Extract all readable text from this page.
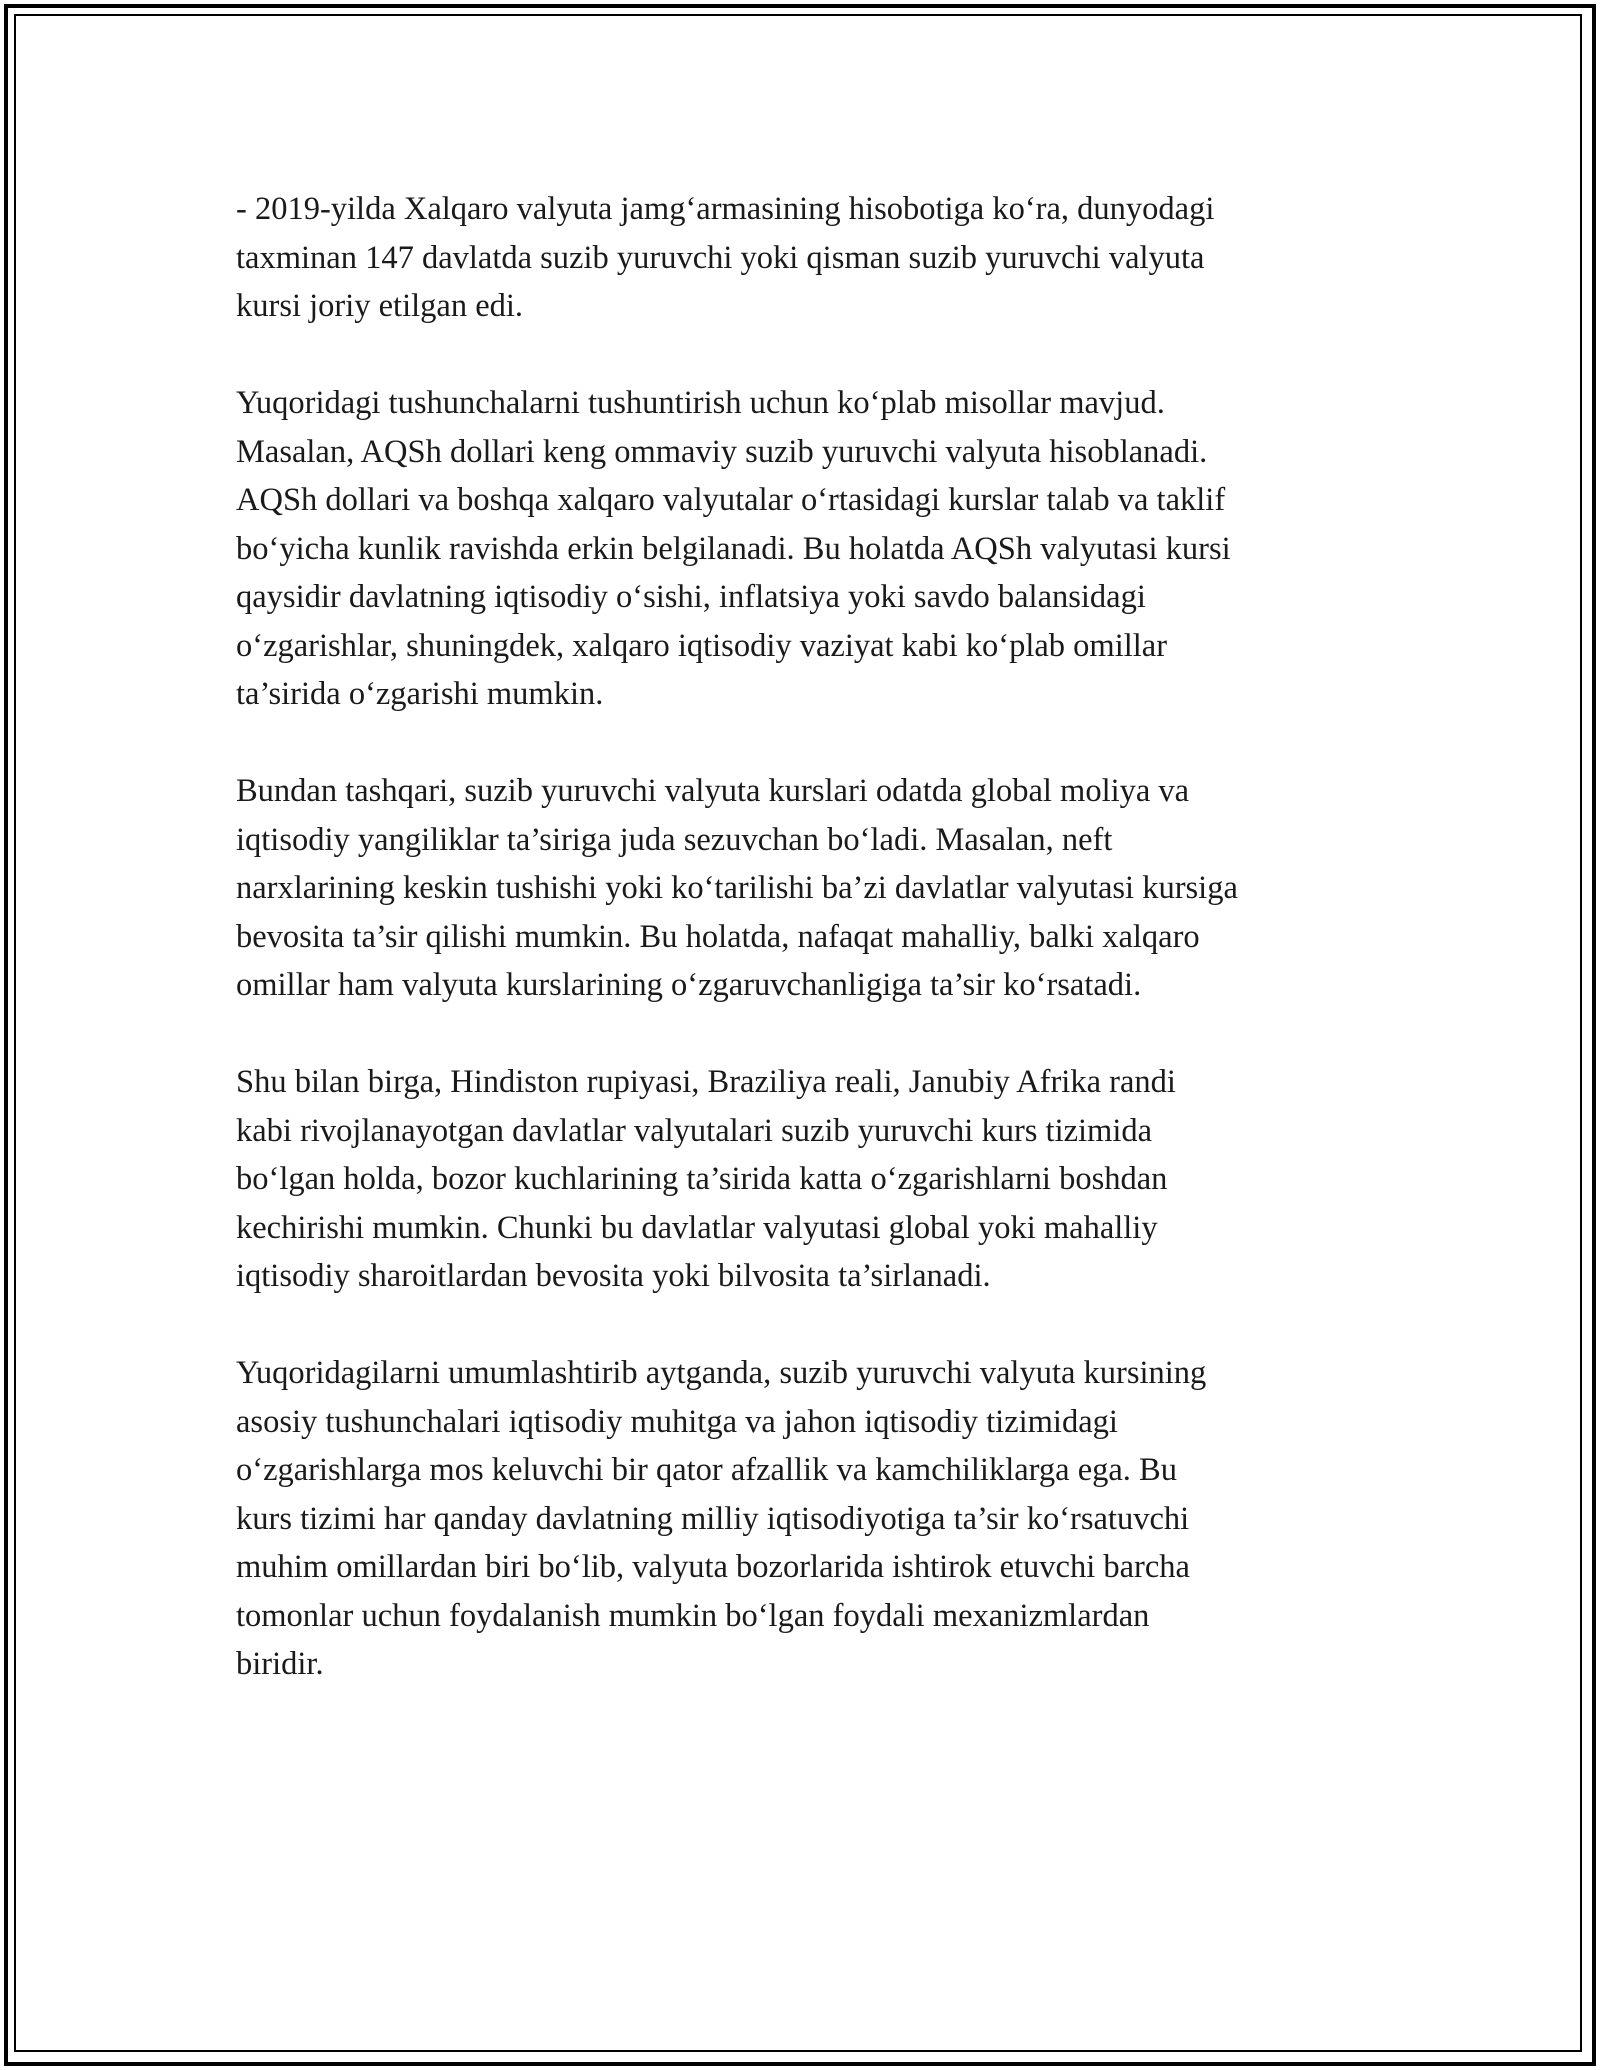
- 2019-yilda Xalqaro valyuta jamg‘armasining hisobotiga ko‘ra, dunyodagi
taxminan 147 davlatda suzib yuruvchi yoki qisman suzib yuruvchi valyuta
kursi joriy etilgan edi.

Yuqoridagi tushunchalarni tushuntirish uchun ko‘plab misollar mavjud.
Masalan, AQSh dollari keng ommaviy suzib yuruvchi valyuta hisoblanadi.
AQSh dollari va boshqa xalqaro valyutalar o‘rtasidagi kurslar talab va taklif
bo‘yicha kunlik ravishda erkin belgilanadi. Bu holatda AQSh valyutasi kursi
qaysidir davlatning iqtisodiy o‘sishi, inflatsiya yoki savdo balansidagi
o‘zgarishlar, shuningdek, xalqaro iqtisodiy vaziyat kabi ko‘plab omillar
ta’sirida o‘zgarishi mumkin.

Bundan tashqari, suzib yuruvchi valyuta kurslari odatda global moliya va
iqtisodiy yangiliklar ta’siriga juda sezuvchan bo‘ladi. Masalan, neft
narxlarining keskin tushishi yoki ko‘tarilishi ba’zi davlatlar valyutasi kursiga
bevosita ta’sir qilishi mumkin. Bu holatda, nafaqat mahalliy, balki xalqaro
omillar ham valyuta kurslarining o‘zgaruvchanligiga ta’sir ko‘rsatadi.

Shu bilan birga, Hindiston rupiyasi, Braziliya reali, Janubiy Afrika randi
kabi rivojlanayotgan davlatlar valyutalari suzib yuruvchi kurs tizimida
bo‘lgan holda, bozor kuchlarining ta’sirida katta o‘zgarishlarni boshdan
kechirishi mumkin. Chunki bu davlatlar valyutasi global yoki mahalliy
iqtisodiy sharoitlardan bevosita yoki bilvosita ta’sirlanadi.

Yuqoridagilarni umumlashtirib aytganda, suzib yuruvchi valyuta kursining
asosiy tushunchalari iqtisodiy muhitga va jahon iqtisodiy tizimidagi
o‘zgarishlarga mos keluvchi bir qator afzallik va kamchiliklarga ega. Bu
kurs tizimi har qanday davlatning milliy iqtisodiyotiga ta’sir ko‘rsatuvchi
muhim omillardan biri bo‘lib, valyuta bozorlarida ishtirok etuvchi barcha
tomonlar uchun foydalanish mumkin bo‘lgan foydali mexanizmlardan
biridir.
